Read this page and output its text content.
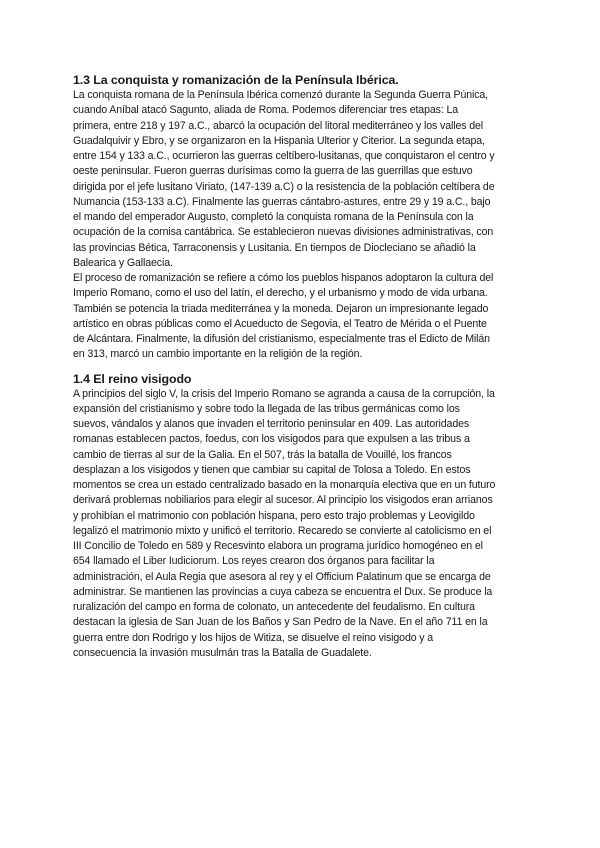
1.3 La conquista y romanización de la Península Ibérica.
La conquista romana de la Península Ibérica comenzó durante la Segunda Guerra Púnica,
cuando Aníbal atacó Sagunto, aliada de Roma. Podemos diferenciar tres etapas: La
primera, entre 218 y 197 a.C., abarcó la ocupación del litoral mediterráneo y los valles del
Guadalquivir y Ebro, y se organizaron en la Hispania Ulterior y Citerior. La segunda etapa,
entre 154 y 133 a.C., ocurrieron las guerras celtíbero-lusitanas, que conquistaron el centro y
oeste peninsular. Fueron guerras durísimas como la guerra de las guerrillas que estuvo
dirigida por el jefe lusitano Viriato, (147-139 a.C) o la resistencia de la población celtíbera de
Numancia (153-133 a.C). Finalmente las guerras cántabro-astures, entre 29 y 19 a.C., bajo
el mando del emperador Augusto, completó la conquista romana de la Península con la
ocupación de la cornisa cantábrica. Se establecieron nuevas divisiones administrativas, con
las provincias Bética, Tarraconensis y Lusitania. En tiempos de Diocleciano se añadió la
Balearica y Gallaecia.
El proceso de romanización se refiere a cómo los pueblos hispanos adoptaron la cultura del
Imperio Romano, como el uso del latín, el derecho, y el urbanismo y modo de vida urbana.
También se potencia la triada mediterránea y la moneda. Dejaron un impresionante legado
artístico en obras públicas como el Acueducto de Segovia, el Teatro de Mérida o el Puente
de Alcántara. Finalmente, la difusión del cristianismo, especialmente tras el Edicto de Milán
en 313, marcó un cambio importante en la religión de la región.
1.4 El reino visigodo
A principios del siglo V, la crisis del Imperio Romano se agranda a causa de la corrupción, la
expansión del cristianismo y sobre todo la llegada de las tribus germánicas como los
suevos, vándalos y alanos que invaden el territorio peninsular en 409. Las autoridades
romanas establecen pactos, foedus, con los visigodos para que expulsen a las tribus a
cambio de tierras al sur de la Galia. En el 507, trás la batalla de Vouillé, los francos
desplazan a los visigodos y tienen que cambiar su capital de Tolosa a Toledo. En estos
momentos se crea un estado centralizado basado en la monarquía electiva que en un futuro
derivará problemas nobiliarios para elegir al sucesor. Al principio los visigodos eran arrianos
y prohibían el matrimonio con población hispana, pero esto trajo problemas y Leovigildo
legalizó el matrimonio mixto y unificó el territorio. Recaredo se convierte al catolicismo en el
III Concilio de Toledo en 589 y Recesvinto elabora un programa jurídico homogéneo en el
654 llamado el Liber Iudiciorum. Los reyes crearon dos órganos para facilitar la
administración, el Aula Regia que asesora al rey y el Officium Palatinum que se encarga de
administrar. Se mantienen las provincias a cuya cabeza se encuentra el Dux. Se produce la
ruralización del campo en forma de colonato, un antecedente del feudalismo. En cultura
destacan la iglesia de San Juan de los Baños y San Pedro de la Nave. En el año 711 en la
guerra entre don Rodrigo y los hijos de Witiza, se disuelve el reino visigodo y a
consecuencia la invasión musulmán tras la Batalla de Guadalete.
